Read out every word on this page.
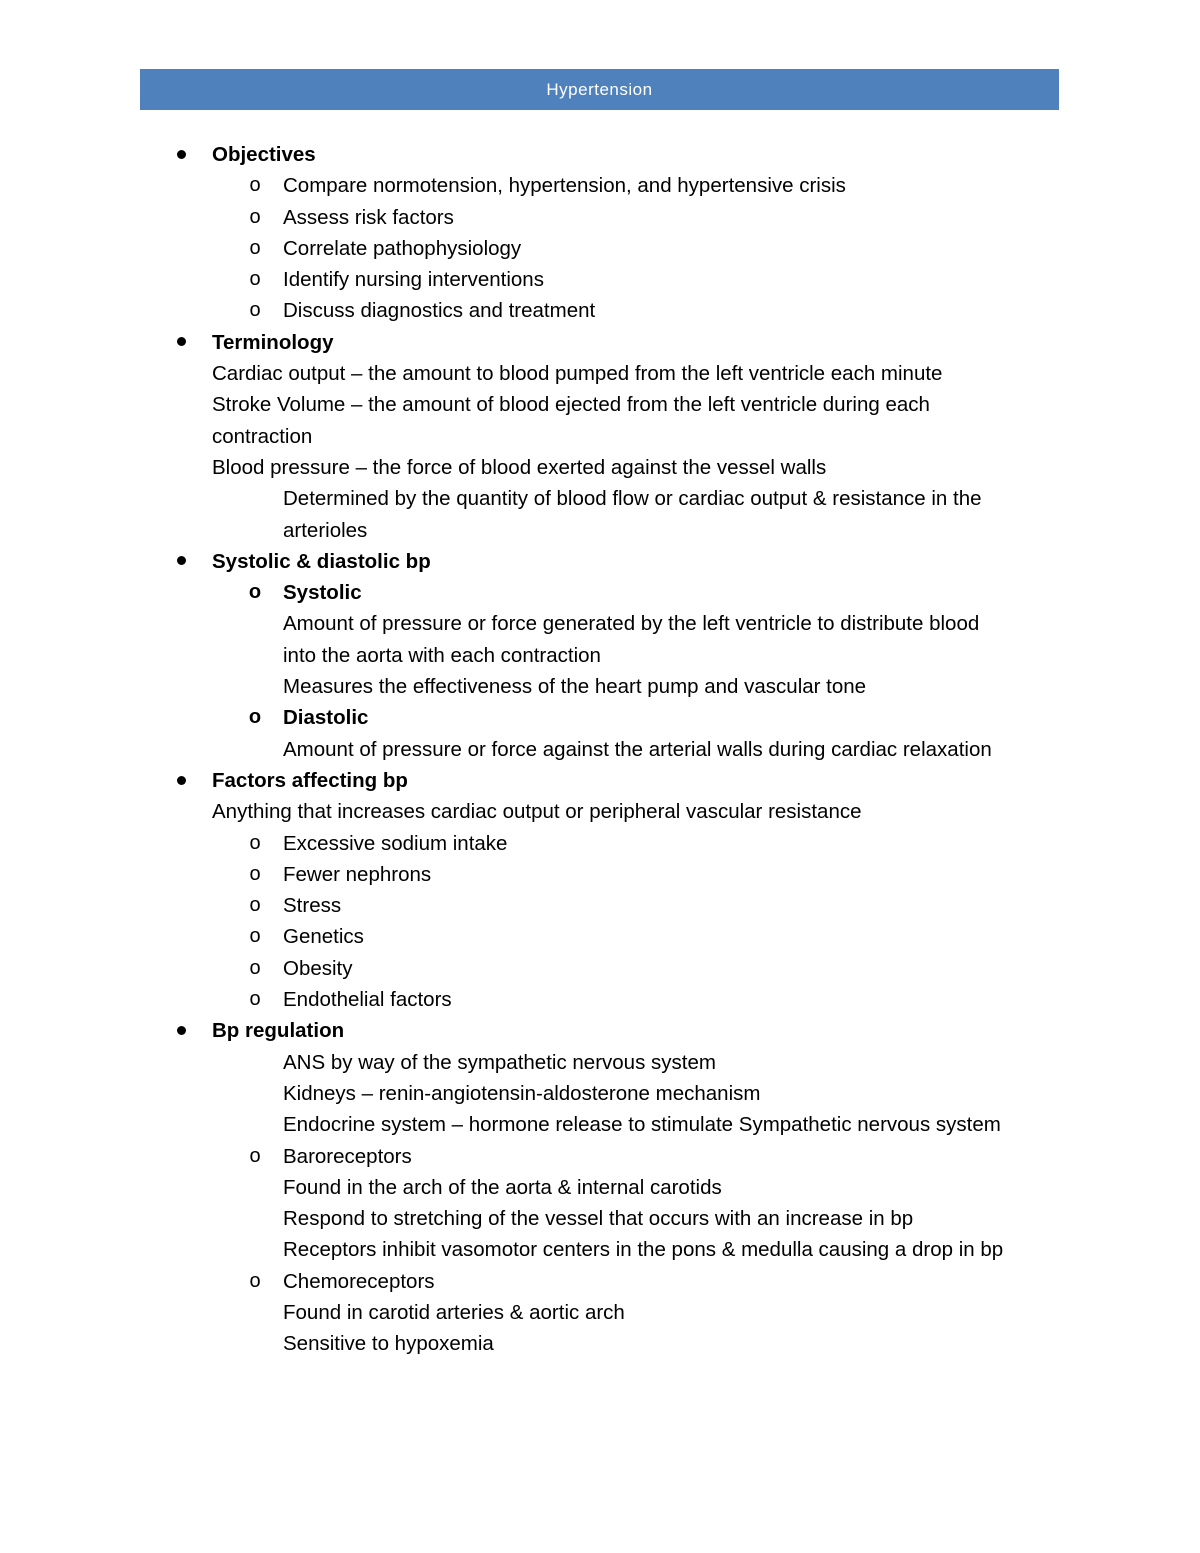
Hypertension
Objectives
o Compare normotension, hypertension, and hypertensive crisis
o Assess risk factors
o Correlate pathophysiology
o Identify nursing interventions
o Discuss diagnostics and treatment
Terminology
Cardiac output – the amount to blood pumped from the left ventricle each minute
Stroke Volume – the amount of blood ejected from the left ventricle during each
contraction
Blood pressure – the force of blood exerted against the vessel walls
Determined by the quantity of blood flow or cardiac output & resistance in the
arterioles
Systolic & diastolic bp
o Systolic
Amount of pressure or force generated by the left ventricle to distribute blood
into the aorta with each contraction
Measures the effectiveness of the heart pump and vascular tone
o Diastolic
Amount of pressure or force against the arterial walls during cardiac relaxation
Factors affecting bp
Anything that increases cardiac output or peripheral vascular resistance
o Excessive sodium intake
o Fewer nephrons
o Stress
o Genetics
o Obesity
o Endothelial factors
Bp regulation
ANS by way of the sympathetic nervous system
Kidneys – renin-angiotensin-aldosterone mechanism
Endocrine system – hormone release to stimulate Sympathetic nervous system
o Baroreceptors
Found in the arch of the aorta & internal carotids
Respond to stretching of the vessel that occurs with an increase in bp
Receptors inhibit vasomotor centers in the pons & medulla causing a drop in bp
o Chemoreceptors
Found in carotid arteries & aortic arch
Sensitive to hypoxemia
